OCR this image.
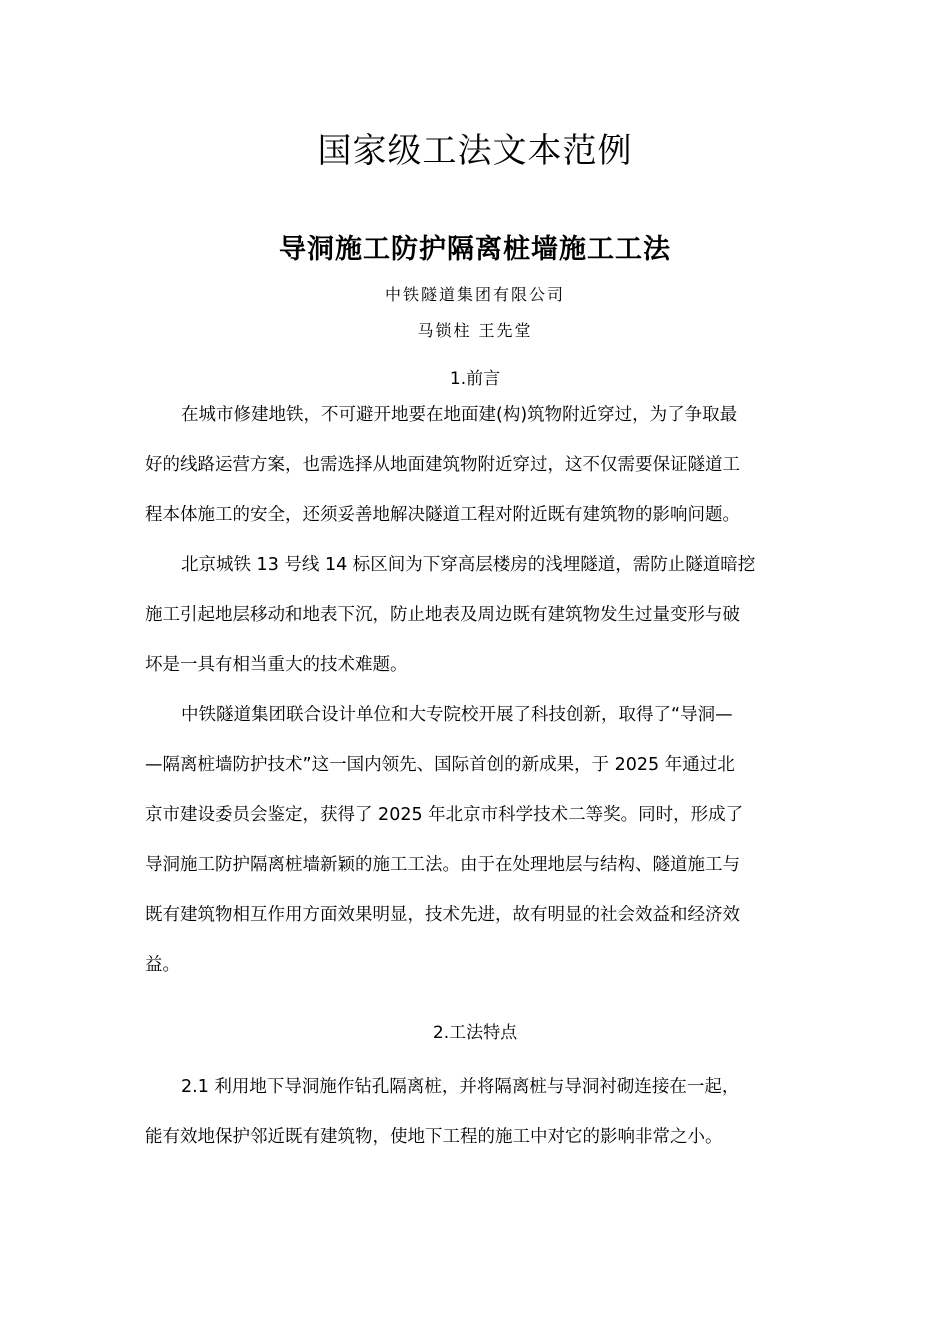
国家级工法文本范例
导洞施工防护隔离桩墙施工工法
中铁隧道集团有限公司
马锁柱 王先堂
1.前言
在城市修建地铁，不可避开地要在地面建(构)筑物附近穿过，为了争取最
好的线路运营方案，也需选择从地面建筑物附近穿过，这不仅需要保证隧道工
程本体施工的安全，还须妥善地解决隧道工程对附近既有建筑物的影响问题。
北京城铁 13 号线 14 标区间为下穿高层楼房的浅埋隧道，需防止隧道暗挖
施工引起地层移动和地表下沉，防止地表及周边既有建筑物发生过量变形与破
坏是一具有相当重大的技术难题。
中铁隧道集团联合设计单位和大专院校开展了科技创新，取得了“导洞—
—隔离桩墙防护技术”这一国内领先、国际首创的新成果，于 2025 年通过北
京市建设委员会鉴定，获得了 2025 年北京市科学技术二等奖。同时，形成了
导洞施工防护隔离桩墙新颖的施工工法。由于在处理地层与结构、隧道施工与
既有建筑物相互作用方面效果明显，技术先进，故有明显的社会效益和经济效
益。
2.工法特点
2.1 利用地下导洞施作钻孔隔离桩，并将隔离桩与导洞衬砌连接在一起，
能有效地保护邻近既有建筑物，使地下工程的施工中对它的影响非常之小。
